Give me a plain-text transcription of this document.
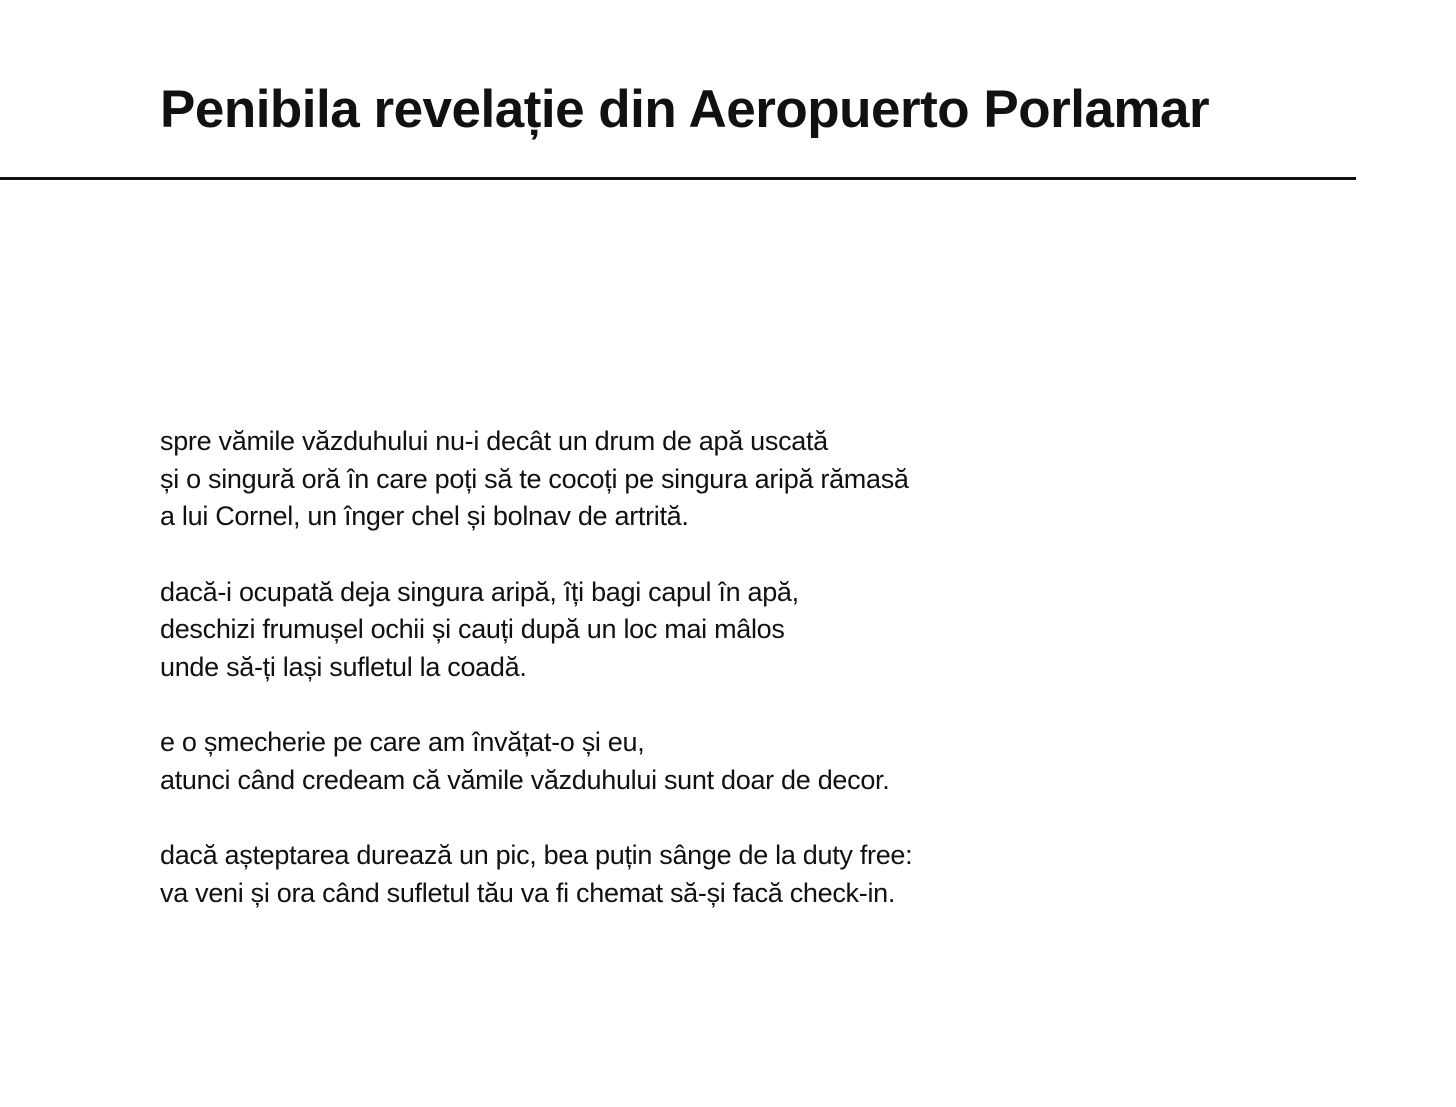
Penibila revelație din Aeropuerto Porlamar
spre vămile văzduhului nu-i decât un drum de apă uscată
și o singură oră în care poți să te cocoți pe singura aripă rămasă
a lui Cornel, un înger chel și bolnav de artrită.
dacă-i ocupată deja singura aripă, îți bagi capul în apă,
deschizi frumușel ochii și cauți după un loc mai mâlos
unde să-ți lași sufletul la coadă.
e o șmecherie pe care am învățat-o și eu,
atunci când credeam că vămile văzduhului sunt doar de decor.
dacă așteptarea durează un pic, bea puțin sânge de la duty free:
va veni și ora când sufletul tău va fi chemat să-și facă check-in.
